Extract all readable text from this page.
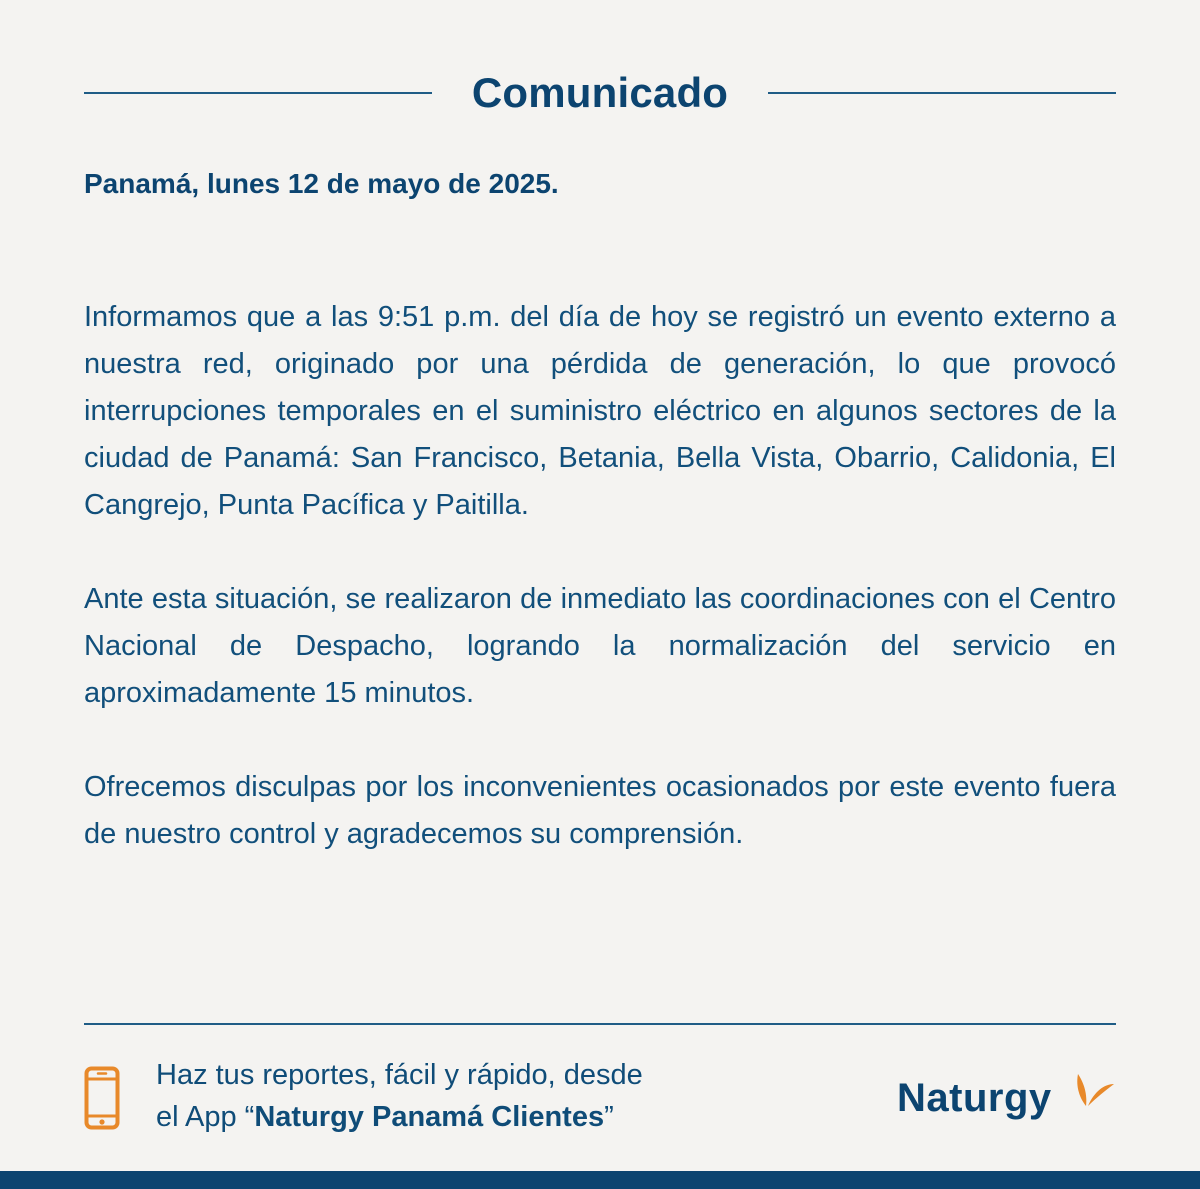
Comunicado
Panamá, lunes 12 de mayo de 2025.
Informamos que a las 9:51 p.m. del día de hoy se registró un evento externo a nuestra red, originado por una pérdida de generación, lo que provocó interrupciones temporales en el suministro eléctrico en algunos sectores de la ciudad de Panamá: San Francisco, Betania, Bella Vista, Obarrio, Calidonia, El Cangrejo, Punta Pacífica y Paitilla.
Ante esta situación, se realizaron de inmediato las coordinaciones con el Centro Nacional de Despacho, logrando la normalización del servicio en aproximadamente 15 minutos.
Ofrecemos disculpas por los inconvenientes ocasionados por este evento fuera de nuestro control y agradecemos su comprensión.
Haz tus reportes, fácil y rápido, desde
el App “Naturgy Panamá Clientes”	Naturgy
